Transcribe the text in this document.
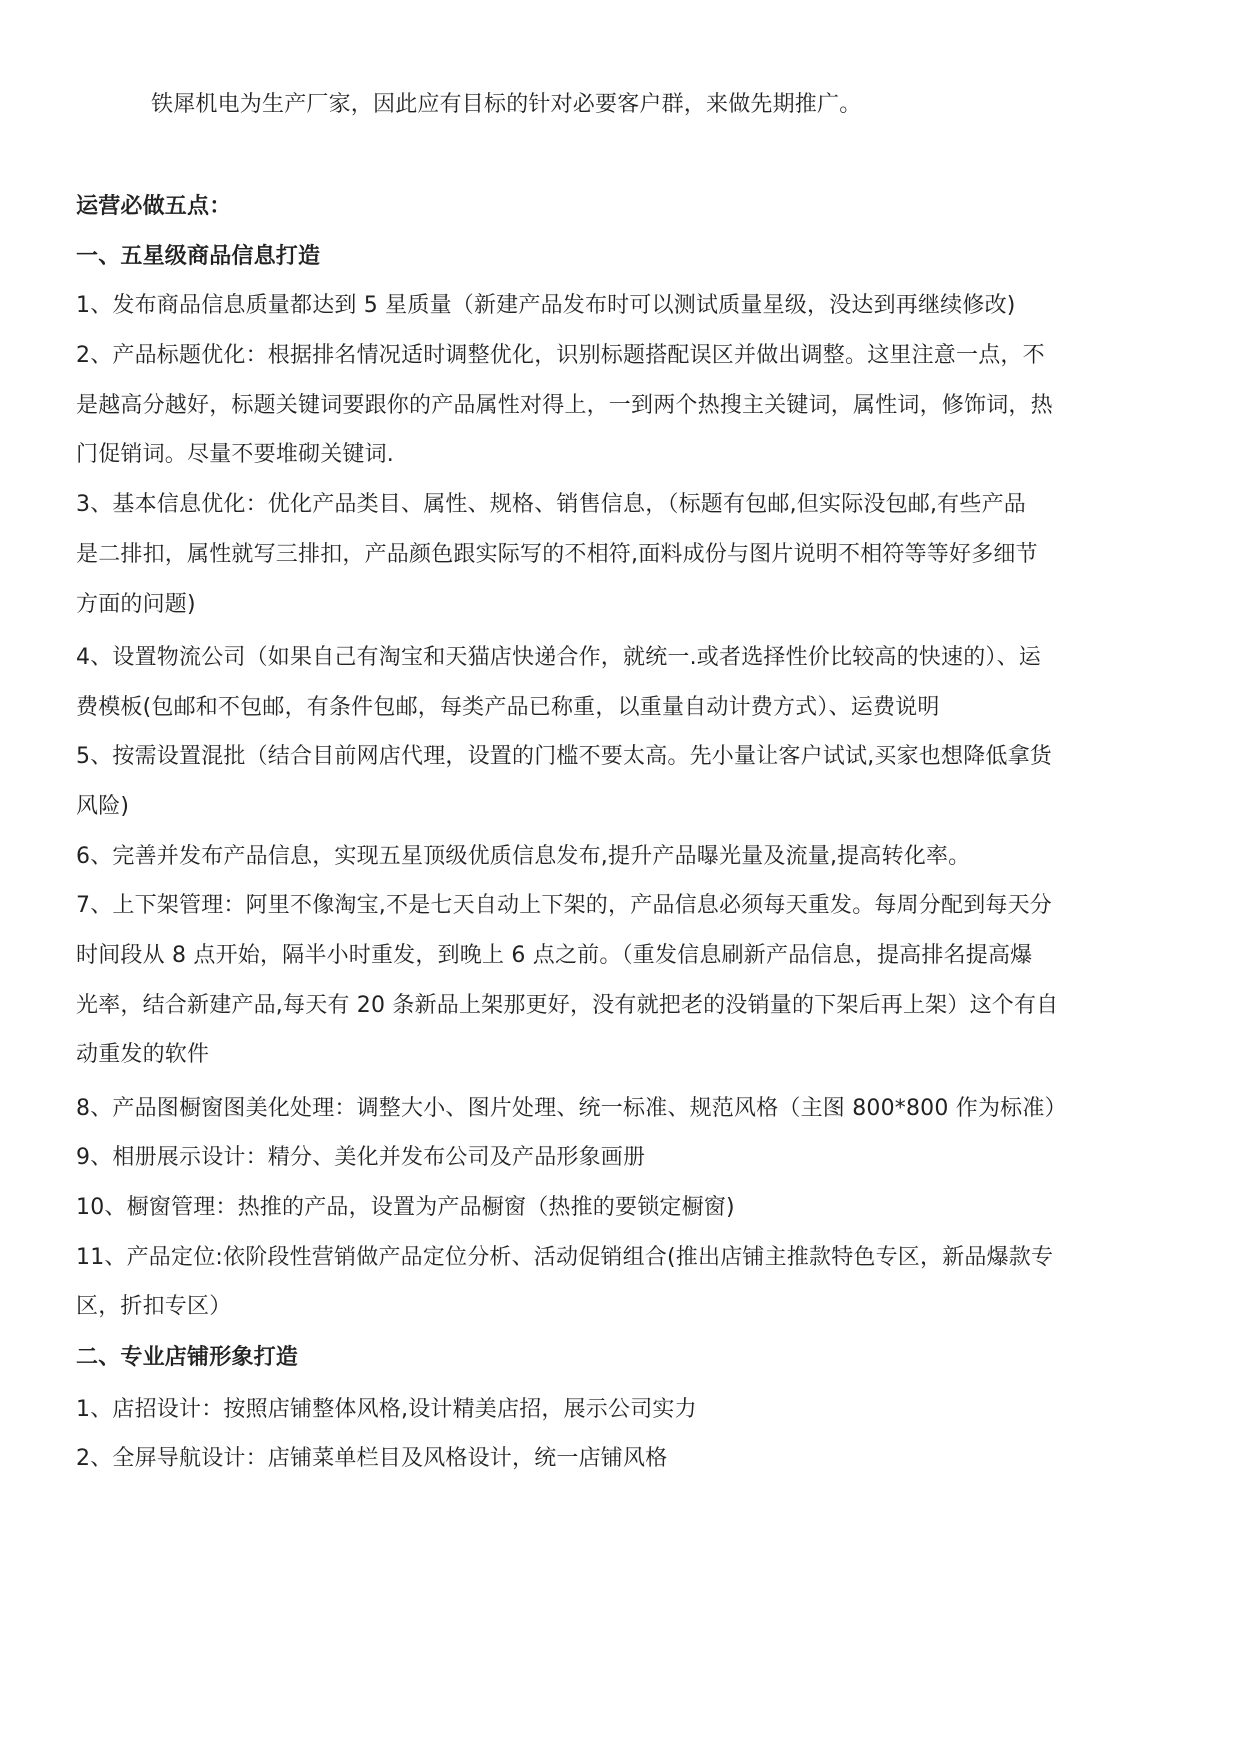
铁犀机电为生产厂家，因此应有目标的针对必要客户群，来做先期推广。
运营必做五点：
一、五星级商品信息打造
1、发布商品信息质量都达到 5 星质量（新建产品发布时可以测试质量星级，没达到再继续修改)
2、产品标题优化：根据排名情况适时调整优化，识别标题搭配误区并做出调整。这里注意一点，不
是越高分越好，标题关键词要跟你的产品属性对得上，一到两个热搜主关键词，属性词，修饰词，热
门促销词。尽量不要堆砌关键词.
3、基本信息优化：优化产品类目、属性、规格、销售信息，（标题有包邮,但实际没包邮,有些产品
是二排扣，属性就写三排扣，产品颜色跟实际写的不相符,面料成份与图片说明不相符等等好多细节
方面的问题)
4、设置物流公司（如果自己有淘宝和天猫店快递合作，就统一.或者选择性价比较高的快速的）、运
费模板(包邮和不包邮，有条件包邮，每类产品已称重，以重量自动计费方式）、运费说明
5、按需设置混批（结合目前网店代理，设置的门槛不要太高。先小量让客户试试,买家也想降低拿货
风险)
6、完善并发布产品信息，实现五星顶级优质信息发布,提升产品曝光量及流量,提高转化率。
7、上下架管理：阿里不像淘宝,不是七天自动上下架的，产品信息必须每天重发。每周分配到每天分
时间段从 8 点开始，隔半小时重发，到晚上 6 点之前。（重发信息刷新产品信息，提高排名提高爆
光率，结合新建产品,每天有 20 条新品上架那更好，没有就把老的没销量的下架后再上架）这个有自
动重发的软件
8、产品图橱窗图美化处理：调整大小、图片处理、统一标准、规范风格（主图 800*800 作为标准）
9、相册展示设计：精分、美化并发布公司及产品形象画册
10、橱窗管理：热推的产品，设置为产品橱窗（热推的要锁定橱窗)
11、产品定位:依阶段性营销做产品定位分析、活动促销组合(推出店铺主推款特色专区，新品爆款专
区，折扣专区）
二、专业店铺形象打造
1、店招设计：按照店铺整体风格,设计精美店招，展示公司实力
2、全屏导航设计：店铺菜单栏目及风格设计，统一店铺风格
